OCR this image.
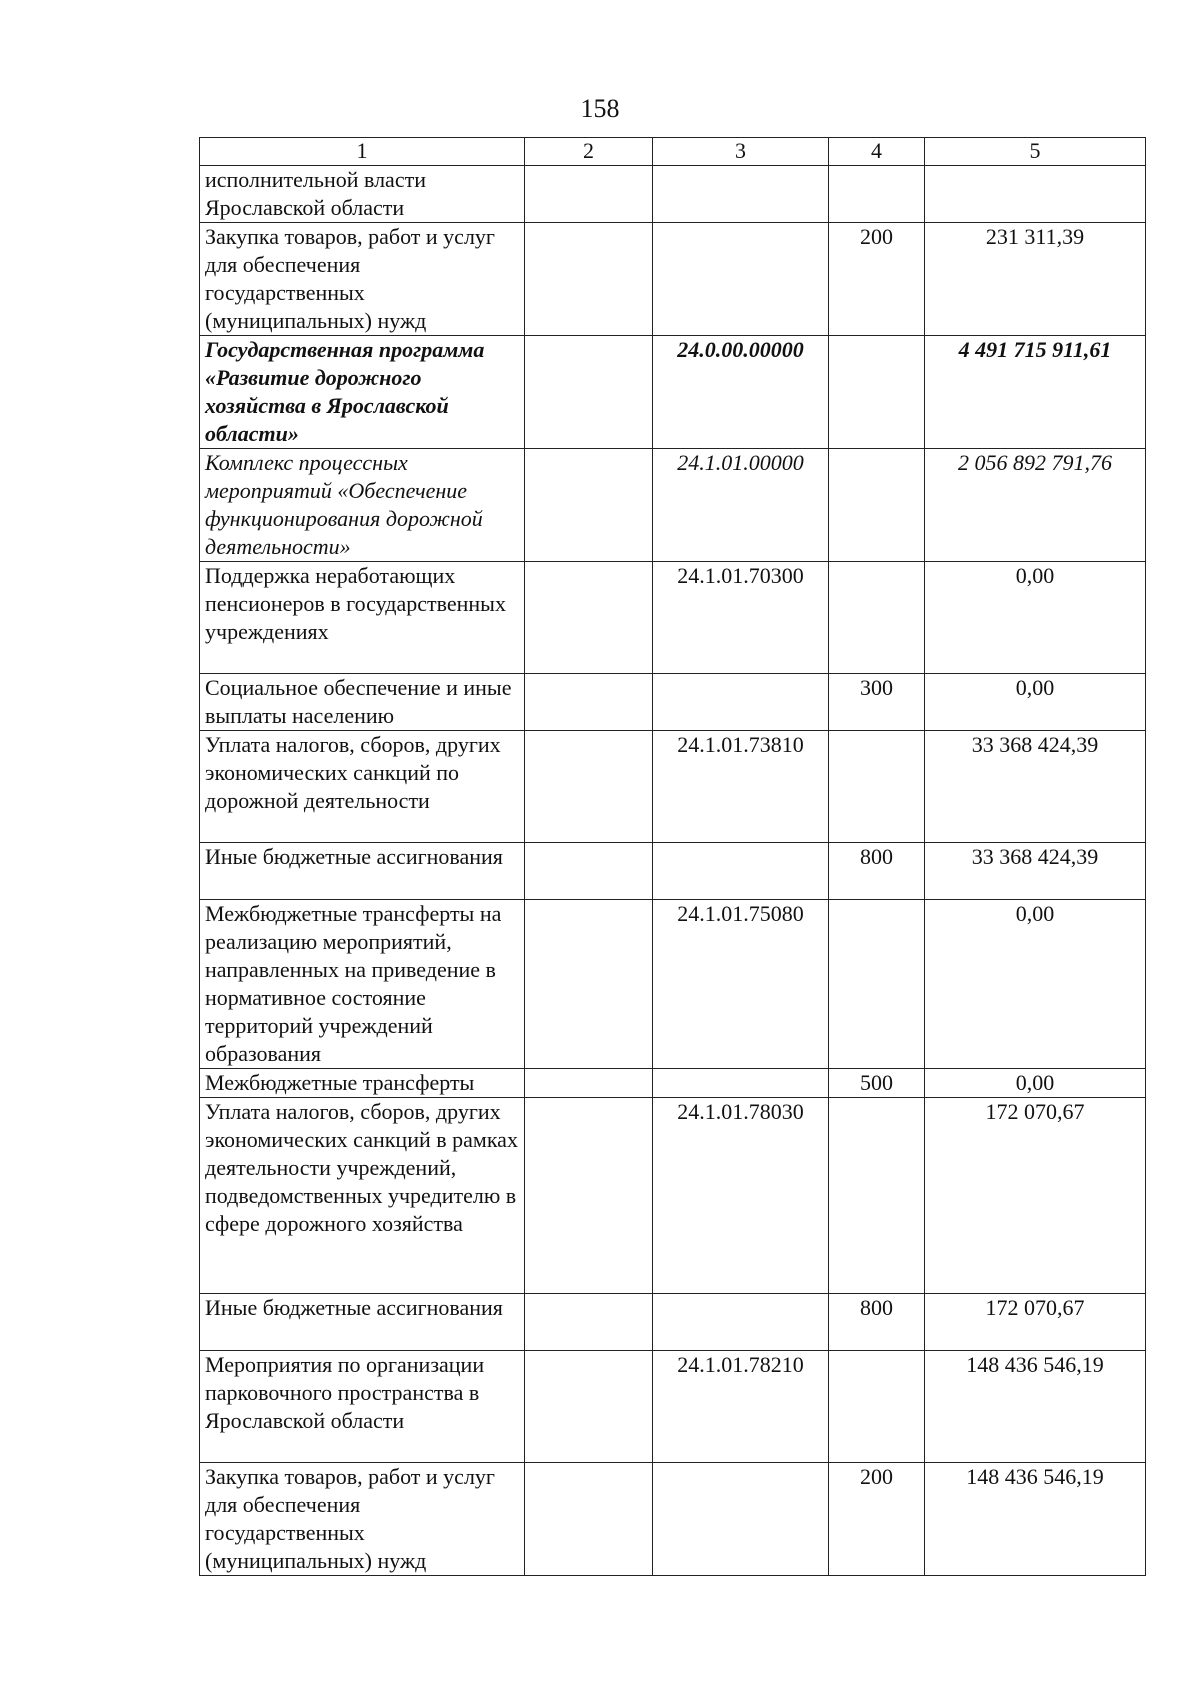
158
1	2	3	4	5
исполнительной власти Ярославской области				
Закупка товаров, работ и услуг для обеспечения государственных (муниципальных) нужд			200	231 311,39
Государственная программа «Развитие дорожного хозяйства в Ярославской области»		24.0.00.00000		4 491 715 911,61
Комплекс процессных мероприятий «Обеспечение функционирования дорожной деятельности»		24.1.01.00000		2 056 892 791,76
Поддержка неработающих пенсионеров в государственных учреждениях		24.1.01.70300		0,00
Социальное обеспечение и иные выплаты населению			300	0,00
Уплата налогов, сборов, других экономических санкций по дорожной деятельности		24.1.01.73810		33 368 424,39
Иные бюджетные ассигнования			800	33 368 424,39
Межбюджетные трансферты на реализацию мероприятий, направленных на приведение в нормативное состояние территорий учреждений образования		24.1.01.75080		0,00
Межбюджетные трансферты			500	0,00
Уплата налогов, сборов, других экономических санкций в рамках деятельности учреждений, подведомственных учредителю в сфере дорожного хозяйства		24.1.01.78030		172 070,67
Иные бюджетные ассигнования			800	172 070,67
Мероприятия по организации парковочного пространства в Ярославской области		24.1.01.78210		148 436 546,19
Закупка товаров, работ и услуг для обеспечения государственных (муниципальных) нужд			200	148 436 546,19
